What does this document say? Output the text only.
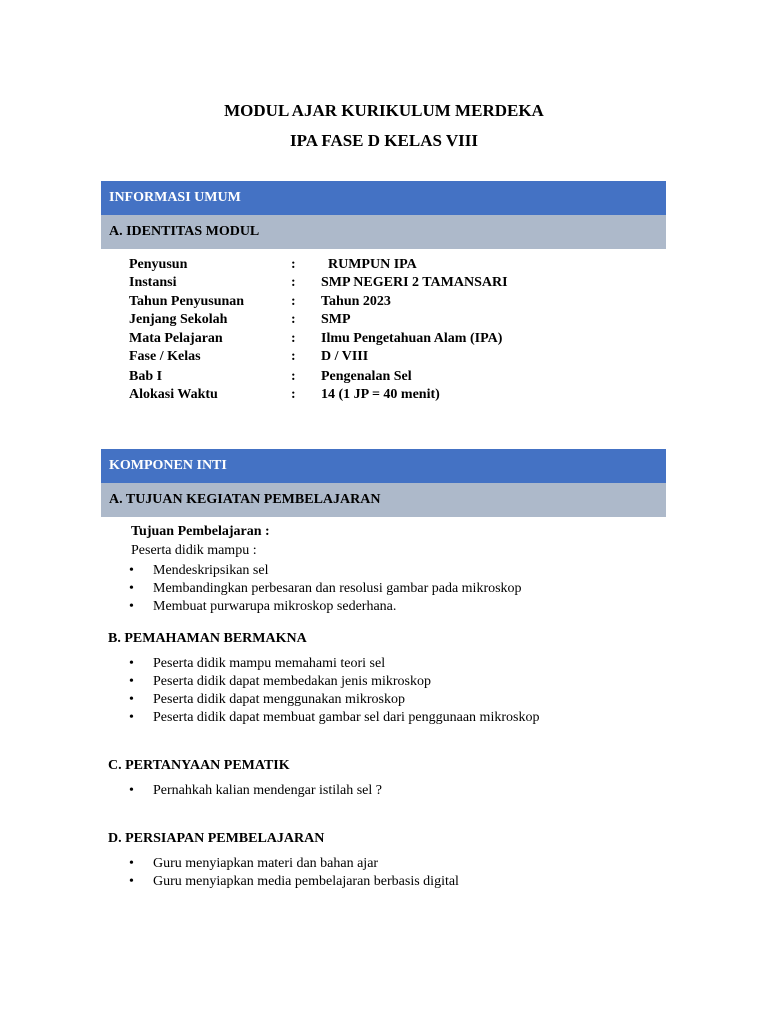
MODUL AJAR KURIKULUM MERDEKA
IPA FASE D KELAS VIII
INFORMASI UMUM
A. IDENTITAS MODUL
Penyusun	: RUMPUN IPA
Instansi	: SMP NEGERI 2 TAMANSARI
Tahun Penyusunan	: Tahun 2023
Jenjang Sekolah	: SMP
Mata Pelajaran	: Ilmu Pengetahuan Alam (IPA)
Fase / Kelas	: D / VIII
Bab I	: Pengenalan Sel
Alokasi Waktu	: 14 (1 JP = 40 menit)
KOMPONEN INTI
A. TUJUAN KEGIATAN PEMBELAJARAN
Tujuan Pembelajaran :
Peserta didik mampu :
• Mendeskripsikan sel
• Membandingkan perbesaran dan resolusi gambar pada mikroskop
• Membuat purwarupa mikroskop sederhana.
B. PEMAHAMAN BERMAKNA
• Peserta didik mampu memahami teori sel
• Peserta didik dapat membedakan jenis mikroskop
• Peserta didik dapat menggunakan mikroskop
• Peserta didik dapat membuat gambar sel dari penggunaan mikroskop
C. PERTANYAAN PEMATIK
• Pernahkah kalian mendengar istilah sel ?
D. PERSIAPAN PEMBELAJARAN
• Guru menyiapkan materi dan bahan ajar
• Guru menyiapkan media pembelajaran berbasis digital
